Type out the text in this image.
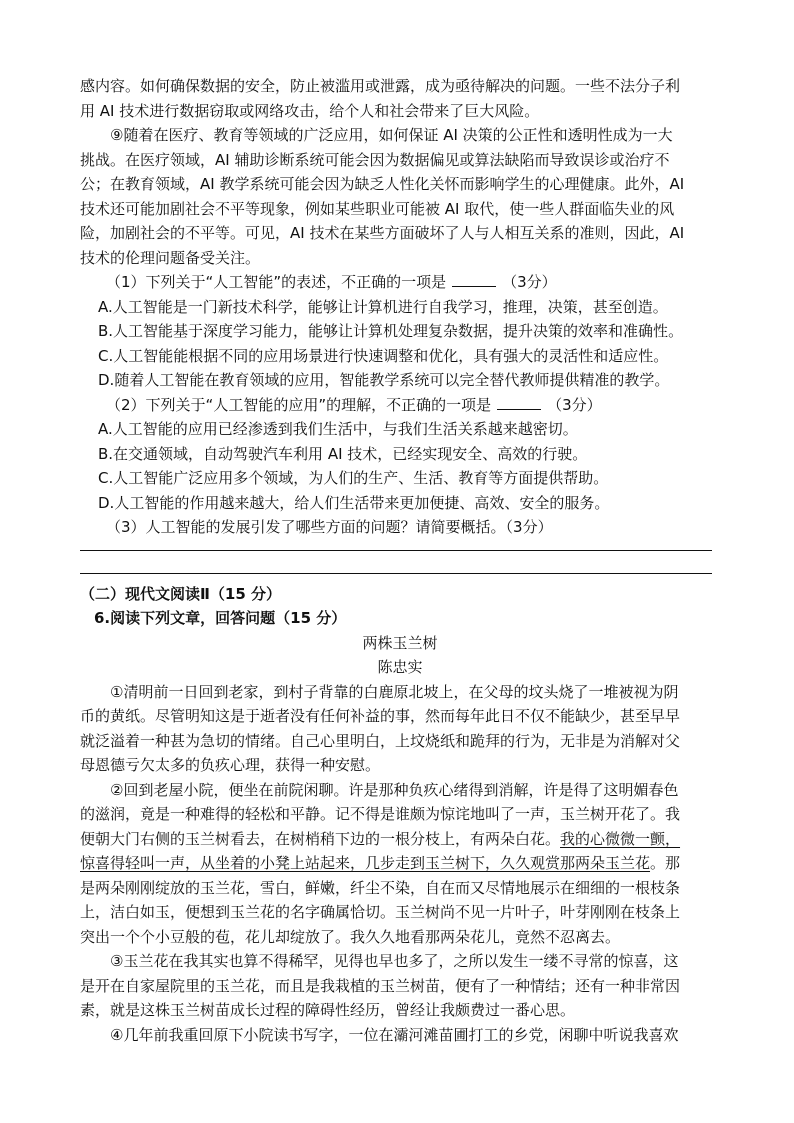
感内容。如何确保数据的安全，防止被滥用或泄露，成为亟待解决的问题。一些不法分子利
用 AI 技术进行数据窃取或网络攻击，给个人和社会带来了巨大风险。
⑨随着在医疗、教育等领域的广泛应用，如何保证 AI 决策的公正性和透明性成为一大
挑战。在医疗领域，AI 辅助诊断系统可能会因为数据偏见或算法缺陷而导致误诊或治疗不
公；在教育领域，AI 教学系统可能会因为缺乏人性化关怀而影响学生的心理健康。此外，AI
技术还可能加剧社会不平等现象，例如某些职业可能被 AI 取代，使一些人群面临失业的风
险，加剧社会的不平等。可见，AI 技术在某些方面破坏了人与人相互关系的准则，因此，AI
技术的伦理问题备受关注。
（1）下列关于“人工智能”的表述，不正确的一项是	（3分）
A.人工智能是一门新技术科学，能够让计算机进行自我学习，推理，决策，甚至创造。
B.人工智能基于深度学习能力，能够让计算机处理复杂数据，提升决策的效率和准确性。
C.人工智能能根据不同的应用场景进行快速调整和优化，具有强大的灵活性和适应性。
D.随着人工智能在教育领域的应用，智能教学系统可以完全替代教师提供精准的教学。
（2）下列关于“人工智能的应用”的理解，不正确的一项是	（3分）
A.人工智能的应用已经渗透到我们生活中，与我们生活关系越来越密切。
B.在交通领域，自动驾驶汽车利用 AI 技术，已经实现安全、高效的行驶。
C.人工智能广泛应用多个领域，为人们的生产、生活、教育等方面提供帮助。
D.人工智能的作用越来越大，给人们生活带来更加便捷、高效、安全的服务。
（3）人工智能的发展引发了哪些方面的问题？请简要概括。（3分）
（二）现代文阅读Ⅱ（15 分）
6.阅读下列文章，回答问题（15 分）
两株玉兰树
陈忠实
①清明前一日回到老家，到村子背靠的白鹿原北坡上，在父母的坟头烧了一堆被视为阴
币的黄纸。尽管明知这是于逝者没有任何补益的事，然而每年此日不仅不能缺少，甚至早早
就泛溢着一种甚为急切的情绪。自己心里明白，上坟烧纸和跪拜的行为，无非是为消解对父
母恩德亏欠太多的负疚心理，获得一种安慰。
②回到老屋小院，便坐在前院闲聊。许是那种负疚心绪得到消解，许是得了这明媚春色
的滋润，竟是一种难得的轻松和平静。记不得是谁颇为惊诧地叫了一声，玉兰树开花了。我
便朝大门右侧的玉兰树看去，在树梢稍下边的一根分枝上，有两朵白花。我的心微微一颤，
惊喜得轻叫一声，从坐着的小凳上站起来，几步走到玉兰树下，久久观赏那两朵玉兰花。那
是两朵刚刚绽放的玉兰花，雪白，鲜嫩，纤尘不染，自在而又尽情地展示在细细的一根枝条
上，洁白如玉，便想到玉兰花的名字确属恰切。玉兰树尚不见一片叶子，叶芽刚刚在枝条上
突出一个个小豆般的苞，花儿却绽放了。我久久地看那两朵花儿，竟然不忍离去。
③玉兰花在我其实也算不得稀罕，见得也早也多了，之所以发生一缕不寻常的惊喜，这
是开在自家屋院里的玉兰花，而且是我栽植的玉兰树苗，便有了一种情结；还有一种非常因
素，就是这株玉兰树苗成长过程的障碍性经历，曾经让我颇费过一番心思。
④几年前我重回原下小院读书写字，一位在灞河滩苗圃打工的乡党，闲聊中听说我喜欢
